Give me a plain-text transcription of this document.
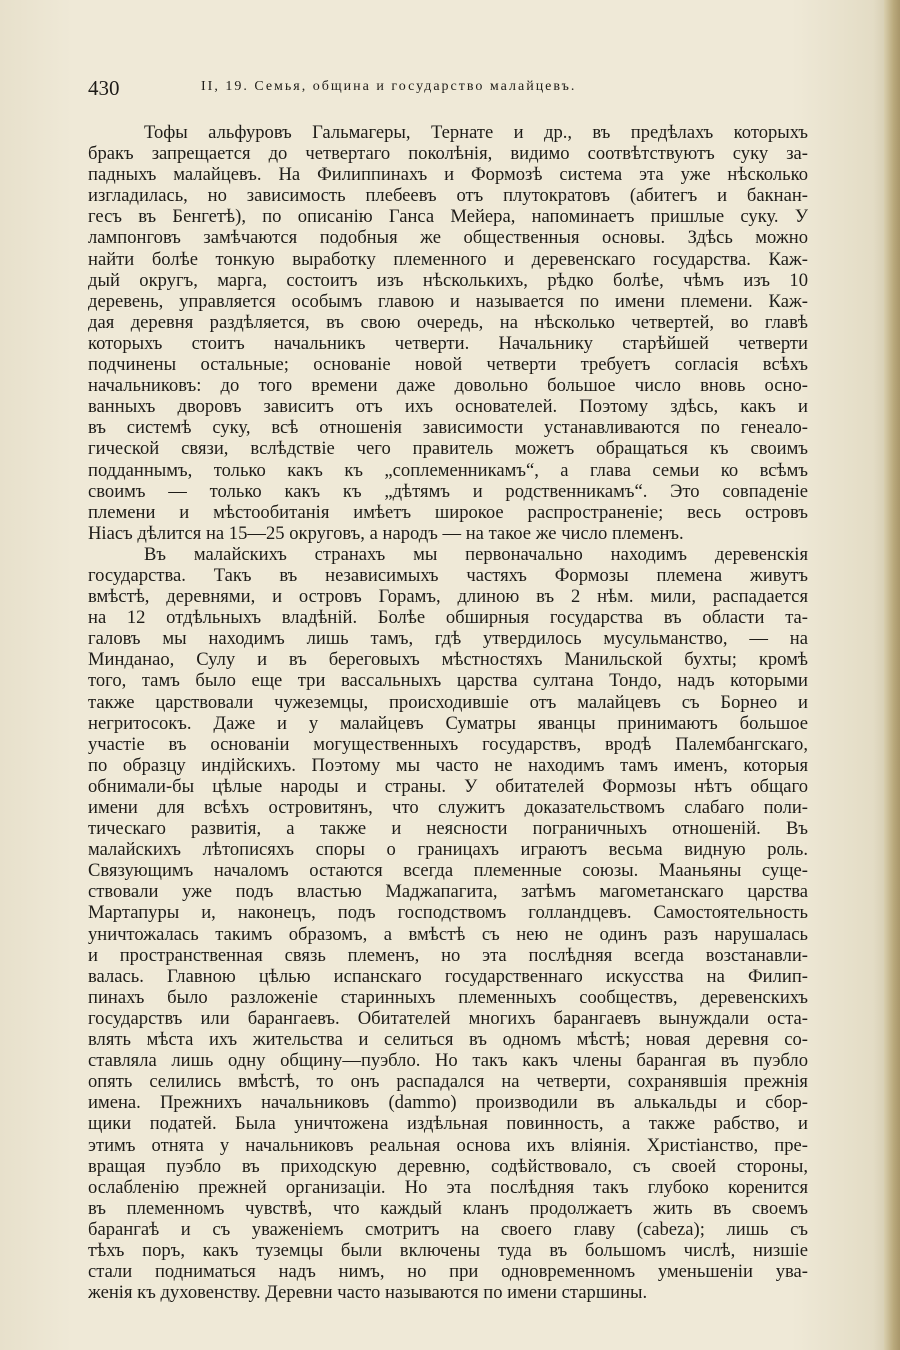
430	II, 19. Семья, община и государство малайцевъ.
Тофы альфуровъ Гальмагеры, Тернате и др., въ предѣлахъ которыхъ
бракъ запрещается до четвертаго поколѣнія, видимо соотвѣтствуютъ суку за-
падныхъ малайцевъ. На Филиппинахъ и Формозѣ система эта уже нѣсколько
изгладилась, но зависимость плебеевъ отъ плутократовъ (абитегъ и бакнан-
гесъ въ Бенгетѣ), по описанію Ганса Мейера, напоминаетъ пришлые суку. У
лампонговъ замѣчаются подобныя же общественныя основы. Здѣсь можно
найти болѣе тонкую выработку племенного и деревенскаго государства. Каж-
дый округъ, марга, состоитъ изъ нѣсколькихъ, рѣдко болѣе, чѣмъ изъ 10
деревень, управляется особымъ главою и называется по имени племени. Каж-
дая деревня раздѣляется, въ свою очередь, на нѣсколько четвертей, во главѣ
которыхъ стоитъ начальникъ четверти. Начальнику старѣйшей четверти
подчинены остальные; основаніе новой четверти требуетъ согласія всѣхъ
начальниковъ: до того времени даже довольно большое число вновь осно-
ванныхъ дворовъ зависитъ отъ ихъ основателей. Поэтому здѣсь, какъ и
въ системѣ суку, всѣ отношенія зависимости устанавливаются по генеало-
гической связи, вслѣдствіе чего правитель можетъ обращаться къ своимъ
подданнымъ, только какъ къ „соплеменникамъ“, а глава семьи ко всѣмъ
своимъ — только какъ къ „дѣтямъ и родственникамъ“. Это совпаденіе
племени и мѣстообитанія имѣетъ широкое распространеніе; весь островъ
Ніасъ дѣлится на 15—25 округовъ, а народъ — на такое же число племенъ.
Въ малайскихъ странахъ мы первоначально находимъ деревенскія
государства. Такъ въ независимыхъ частяхъ Формозы племена живутъ
вмѣстѣ, деревнями, и островъ Горамъ, длиною въ 2 нѣм. мили, распадается
на 12 отдѣльныхъ владѣній. Болѣе обширныя государства въ области та-
галовъ мы находимъ лишь тамъ, гдѣ утвердилось мусульманство, — на
Минданао, Сулу и въ береговыхъ мѣстностяхъ Манильской бухты; кромѣ
того, тамъ было еще три вассальныхъ царства султана Тондо, надъ которыми
также царствовали чужеземцы, происходившіе отъ малайцевъ съ Борнео и
негритосокъ. Даже и у малайцевъ Суматры яванцы принимаютъ большое
участіе въ основаніи могущественныхъ государствъ, вродѣ Палембангскаго,
по образцу индійскихъ. Поэтому мы часто не находимъ тамъ именъ, которыя
обнимали-бы цѣлые народы и страны. У обитателей Формозы нѣтъ общаго
имени для всѣхъ островитянъ, что служитъ доказательствомъ слабаго поли-
тическаго развитія, а также и неясности пограничныхъ отношеній. Въ
малайскихъ лѣтописяхъ споры о границахъ играютъ весьма видную роль.
Связующимъ началомъ остаются всегда племенные союзы. Мааньяны суще-
ствовали уже подъ властью Маджапагита, затѣмъ магометанскаго царства
Мартапуры и, наконецъ, подъ господствомъ голландцевъ. Самостоятельность
уничтожалась такимъ образомъ, а вмѣстѣ съ нею не одинъ разъ нарушалась
и пространственная связь племенъ, но эта послѣдняя всегда возстанавли-
валась. Главною цѣлью испанскаго государственнаго искусства на Филип-
пинахъ было разложеніе старинныхъ племенныхъ сообществъ, деревенскихъ
государствъ или барангаевъ. Обитателей многихъ барангаевъ вынуждали оста-
влять мѣста ихъ жительства и селиться въ одномъ мѣстѣ; новая деревня со-
ставляла лишь одну общину—пуэбло. Но такъ какъ члены барангая въ пуэбло
опять селились вмѣстѣ, то онъ распадался на четверти, сохранявшія прежнія
имена. Прежнихъ начальниковъ (dammo) производили въ алькальды и сбор-
щики податей. Была уничтожена издѣльная повинность, а также рабство, и
этимъ отнята у начальниковъ реальная основа ихъ вліянія. Христіанство, пре-
вращая пуэбло въ приходскую деревню, содѣйствовало, съ своей стороны,
ослабленію прежней организаціи. Но эта послѣдняя такъ глубоко коренится
въ племенномъ чувствѣ, что каждый кланъ продолжаетъ жить въ своемъ
барангаѣ и съ уваженіемъ смотритъ на своего главу (cabeza); лишь съ
тѣхъ поръ, какъ туземцы были включены туда въ большомъ числѣ, низшіе
стали подниматься надъ нимъ, но при одновременномъ уменьшеніи ува-
женія къ духовенству. Деревни часто называются по имени старшины.
